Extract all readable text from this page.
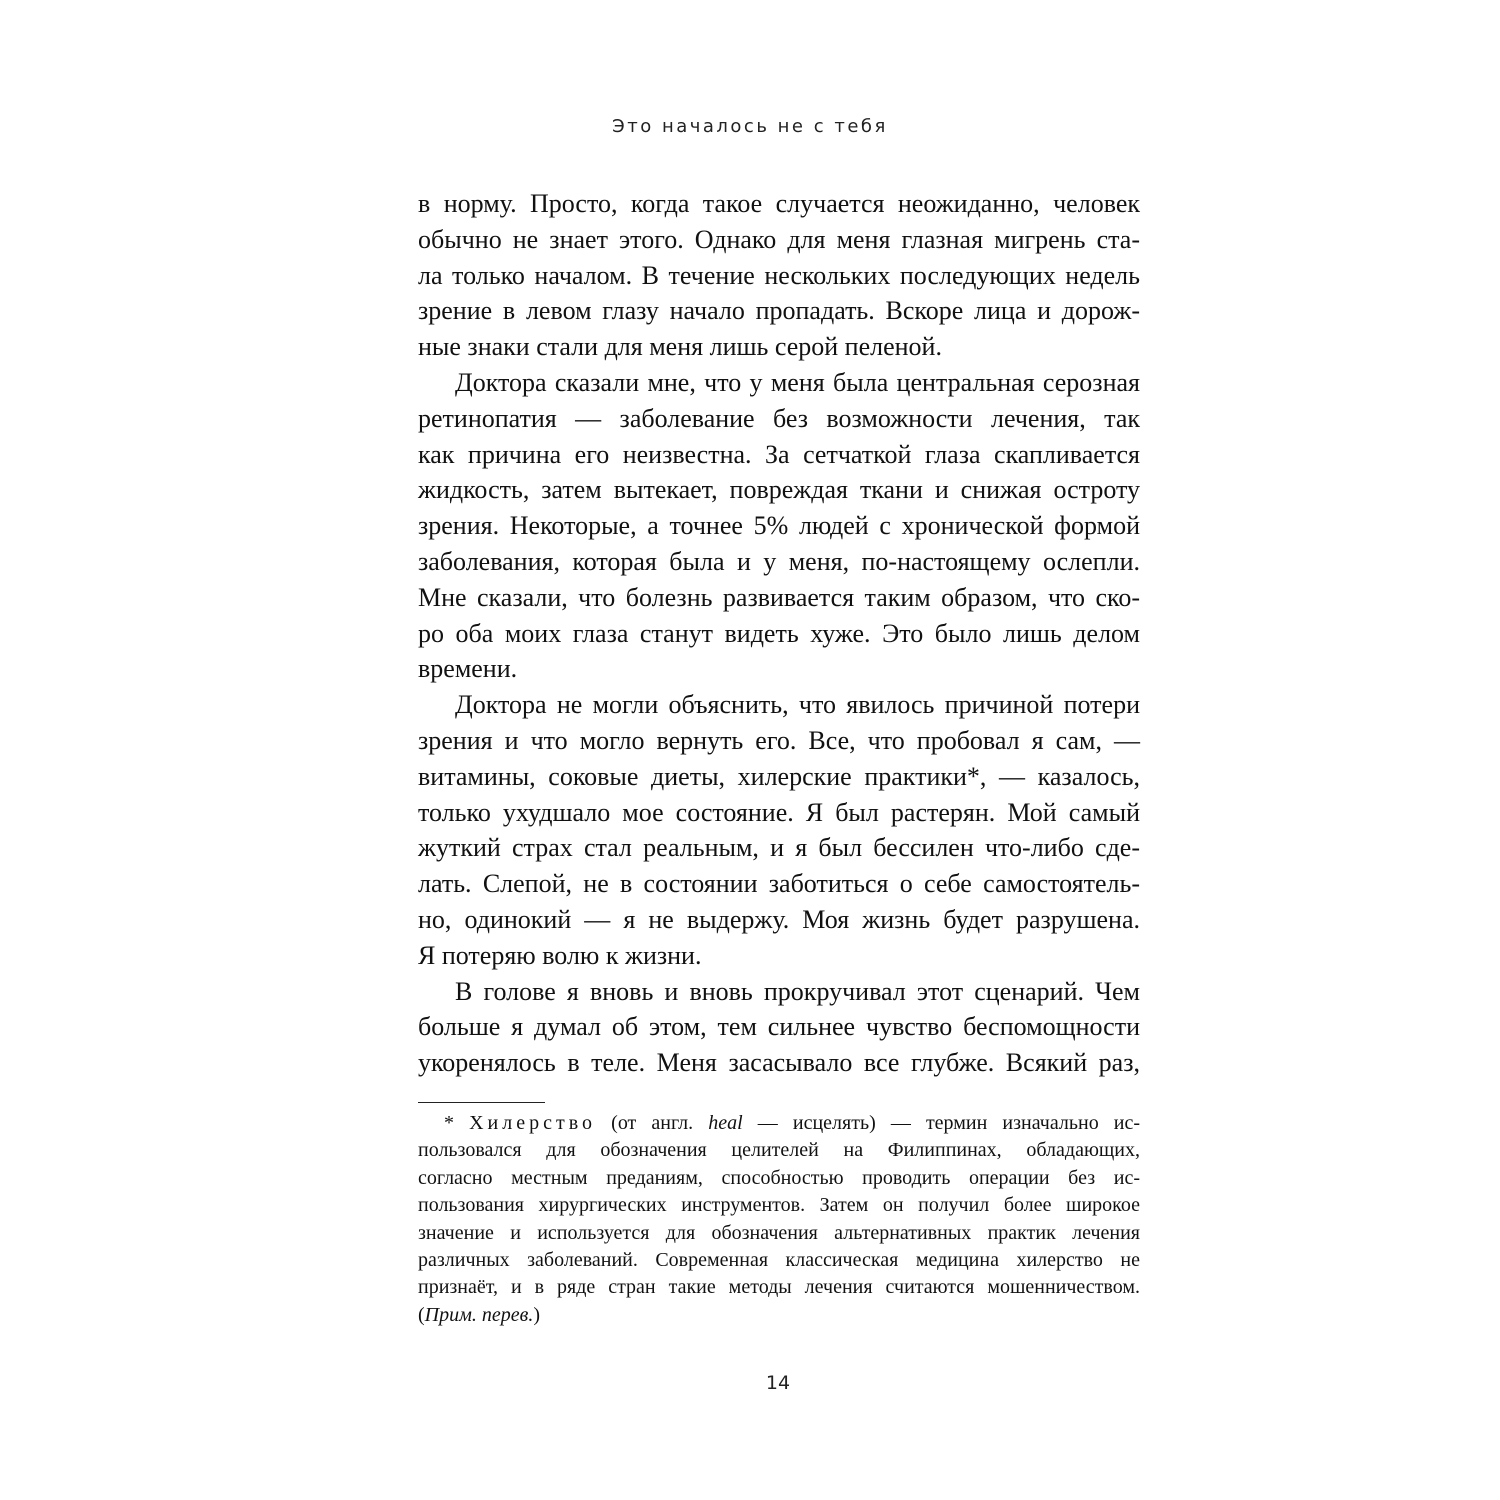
Это началось не с тебя
в норму. Просто, когда такое случается неожиданно, человек
обычно не знает этого. Однако для меня глазная мигрень ста-
ла только началом. В течение нескольких последующих недель
зрение в левом глазу начало пропадать. Вскоре лица и дорож-
ные знаки стали для меня лишь серой пеленой.
Доктора сказали мне, что у меня была центральная серозная
ретинопатия — заболевание без возможности лечения, так
как причина его неизвестна. За сетчаткой глаза скапливается
жидкость, затем вытекает, повреждая ткани и снижая остроту
зрения. Некоторые, а точнее 5% людей с хронической формой
заболевания, которая была и у меня, по-настоящему ослепли.
Мне сказали, что болезнь развивается таким образом, что ско-
ро оба моих глаза станут видеть хуже. Это было лишь делом
времени.
Доктора не могли объяснить, что явилось причиной потери
зрения и что могло вернуть его. Все, что пробовал я сам, —
витамины, соковые диеты, хилерские практики*, — казалось,
только ухудшало мое состояние. Я был растерян. Мой самый
жуткий страх стал реальным, и я был бессилен что-либо сде-
лать. Слепой, не в состоянии заботиться о себе самостоятель-
но, одинокий — я не выдержу. Моя жизнь будет разрушена.
Я потеряю волю к жизни.
В голове я вновь и вновь прокручивал этот сценарий. Чем
больше я думал об этом, тем сильнее чувство беспомощности
укоренялось в теле. Меня засасывало все глубже. Всякий раз,
* Хилерство (от англ. heal — исцелять) — термин изначально ис-
пользовался для обозначения целителей на Филиппинах, обладающих,
согласно местным преданиям, способностью проводить операции без ис-
пользования хирургических инструментов. Затем он получил более широкое
значение и используется для обозначения альтернативных практик лечения
различных заболеваний. Современная классическая медицина хилерство не
признаёт, и в ряде стран такие методы лечения считаются мошенничеством.
(Прим. перев.)
14
